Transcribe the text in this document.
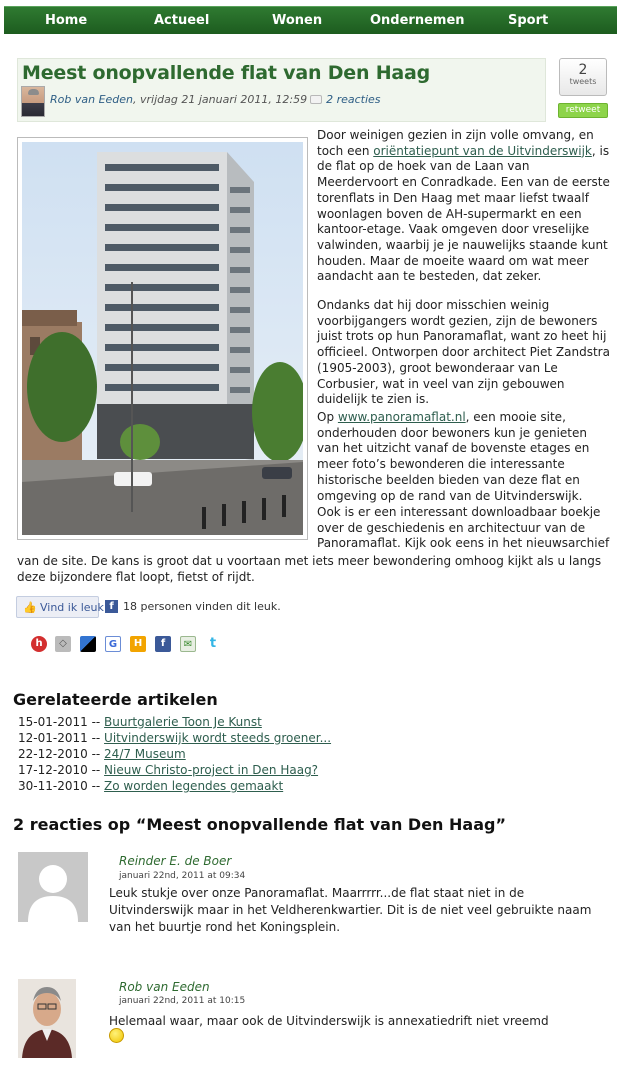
Home	Actueel	Wonen	Ondernemen	Sport
Meest onopvallende flat van Den Haag
Rob van Eeden, vrijdag 21 januari 2011, 12:59 2 reacties
2
tweets
retweet
Door weinigen gezien in zijn volle omvang, en toch een oriëntatiepunt van de Uitvinderswijk, is de flat op de hoek van de Laan van Meerdervoort en Conradkade. Een van de eerste torenflats in Den Haag met maar liefst twaalf woonlagen boven de AH-supermarkt en een kantoor-etage. Vaak omgeven door vreselijke valwinden, waarbij je je nauwelijks staande kunt houden. Maar de moeite waard om wat meer aandacht aan te besteden, dat zeker.
Ondanks dat hij door misschien weinig voorbijgangers wordt gezien, zijn de bewoners juist trots op hun Panoramaflat, want zo heet hij officieel. Ontworpen door architect Piet Zandstra (1905-2003), groot bewonderaar van Le Corbusier, wat in veel van zijn gebouwen duidelijk te zien is.
Op www.panoramaflat.nl, een mooie site, onderhouden door bewoners kun je genieten van het uitzicht vanaf de bovenste etages en meer foto’s bewonderen die interessante historische beelden bieden van deze flat en omgeving op de rand van de Uitvinderswijk.
Ook is er een interessant downloadbaar boekje over de geschiedenis en architectuur van de Panoramaflat. Kijk ook eens in het nieuwsarchief
van de site. De kans is groot dat u voortaan met iets meer bewondering omhoog kijkt als u langs deze bijzondere flat loopt, fietst of rijdt.
👍 Vind ik leuk f 18 personen vinden dit leuk.
h	◇	G	H	f	✉	t
Gerelateerde artikelen
15-01-2011 -- Buurtgalerie Toon Je Kunst
12-01-2011 -- Uitvinderswijk wordt steeds groener...
22-12-2010 -- 24/7 Museum
17-12-2010 -- Nieuw Christo-project in Den Haag?
30-11-2010 -- Zo worden legendes gemaakt
2 reacties op “Meest onopvallende flat van Den Haag”
Reinder E. de Boer
januari 22nd, 2011 at 09:34
Leuk stukje over onze Panoramaflat. Maarrrrr...de flat staat niet in de Uitvinderswijk maar in het Veldherenkwartier. Dit is de niet veel gebruikte naam van het buurtje rond het Koningsplein.
Rob van Eeden
januari 22nd, 2011 at 10:15
Helemaal waar, maar ook de Uitvinderswijk is annexatiedrift niet vreemd
